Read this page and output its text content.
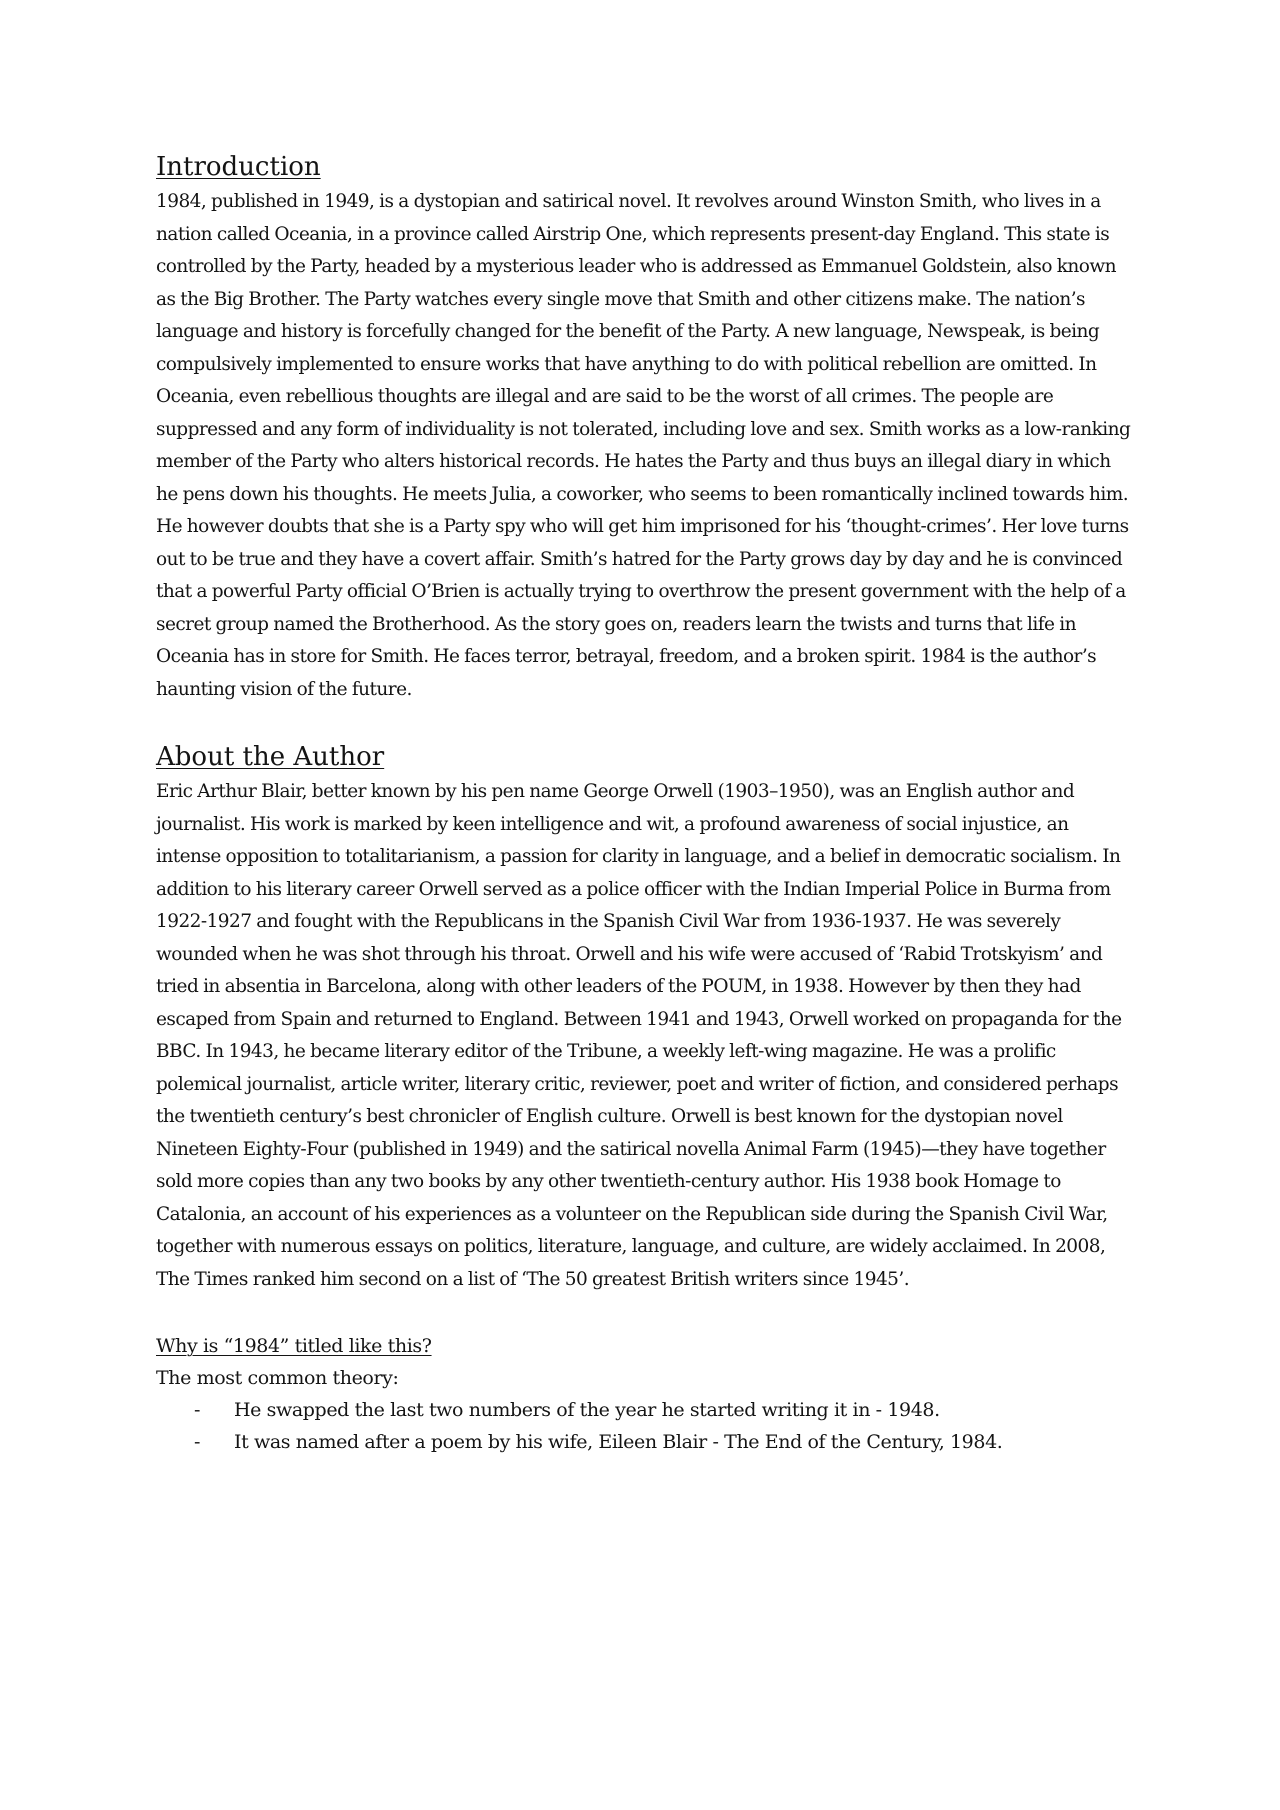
Introduction

1984, published in 1949, is a dystopian and satirical novel. It revolves around Winston Smith, who lives in a nation called Oceania, in a province called Airstrip One, which represents present-day England. This state is controlled by the Party, headed by a mysterious leader who is addressed as Emmanuel Goldstein, also known as the Big Brother. The Party watches every single move that Smith and other citizens make. The nation’s language and history is forcefully changed for the benefit of the Party. A new language, Newspeak, is being compulsively implemented to ensure works that have anything to do with political rebellion are omitted. In Oceania, even rebellious thoughts are illegal and are said to be the worst of all crimes. The people are suppressed and any form of individuality is not tolerated, including love and sex. Smith works as a low-ranking member of the Party who alters historical records. He hates the Party and thus buys an illegal diary in which he pens down his thoughts. He meets Julia, a coworker, who seems to been romantically inclined towards him. He however doubts that she is a Party spy who will get him imprisoned for his ‘thought-crimes’. Her love turns out to be true and they have a covert affair. Smith’s hatred for the Party grows day by day and he is convinced that a powerful Party official O’Brien is actually trying to overthrow the present government with the help of a secret group named the Brotherhood. As the story goes on, readers learn the twists and turns that life in Oceania has in store for Smith. He faces terror, betrayal, freedom, and a broken spirit. 1984 is the author’s haunting vision of the future.

About the Author

Eric Arthur Blair, better known by his pen name George Orwell (1903–1950), was an English author and journalist. His work is marked by keen intelligence and wit, a profound awareness of social injustice, an intense opposition to totalitarianism, a passion for clarity in language, and a belief in democratic socialism. In addition to his literary career Orwell served as a police officer with the Indian Imperial Police in Burma from 1922-1927 and fought with the Republicans in the Spanish Civil War from 1936-1937. He was severely wounded when he was shot through his throat. Orwell and his wife were accused of ‘Rabid Trotskyism’ and tried in absentia in Barcelona, along with other leaders of the POUM, in 1938. However by then they had escaped from Spain and returned to England. Between 1941 and 1943, Orwell worked on propaganda for the BBC. In 1943, he became literary editor of the Tribune, a weekly left-wing magazine. He was a prolific polemical journalist, article writer, literary critic, reviewer, poet and writer of fiction, and considered perhaps the twentieth century’s best chronicler of English culture. Orwell is best known for the dystopian novel Nineteen Eighty-Four (published in 1949) and the satirical novella Animal Farm (1945)—they have together sold more copies than any two books by any other twentieth-century author. His 1938 book Homage to Catalonia, an account of his experiences as a volunteer on the Republican side during the Spanish Civil War, together with numerous essays on politics, literature, language, and culture, are widely acclaimed. In 2008, The Times ranked him second on a list of ‘The 50 greatest British writers since 1945’.

Why is “1984” titled like this?

The most common theory:

- He swapped the last two numbers of the year he started writing it in - 1948.
- It was named after a poem by his wife, Eileen Blair - The End of the Century, 1984.
